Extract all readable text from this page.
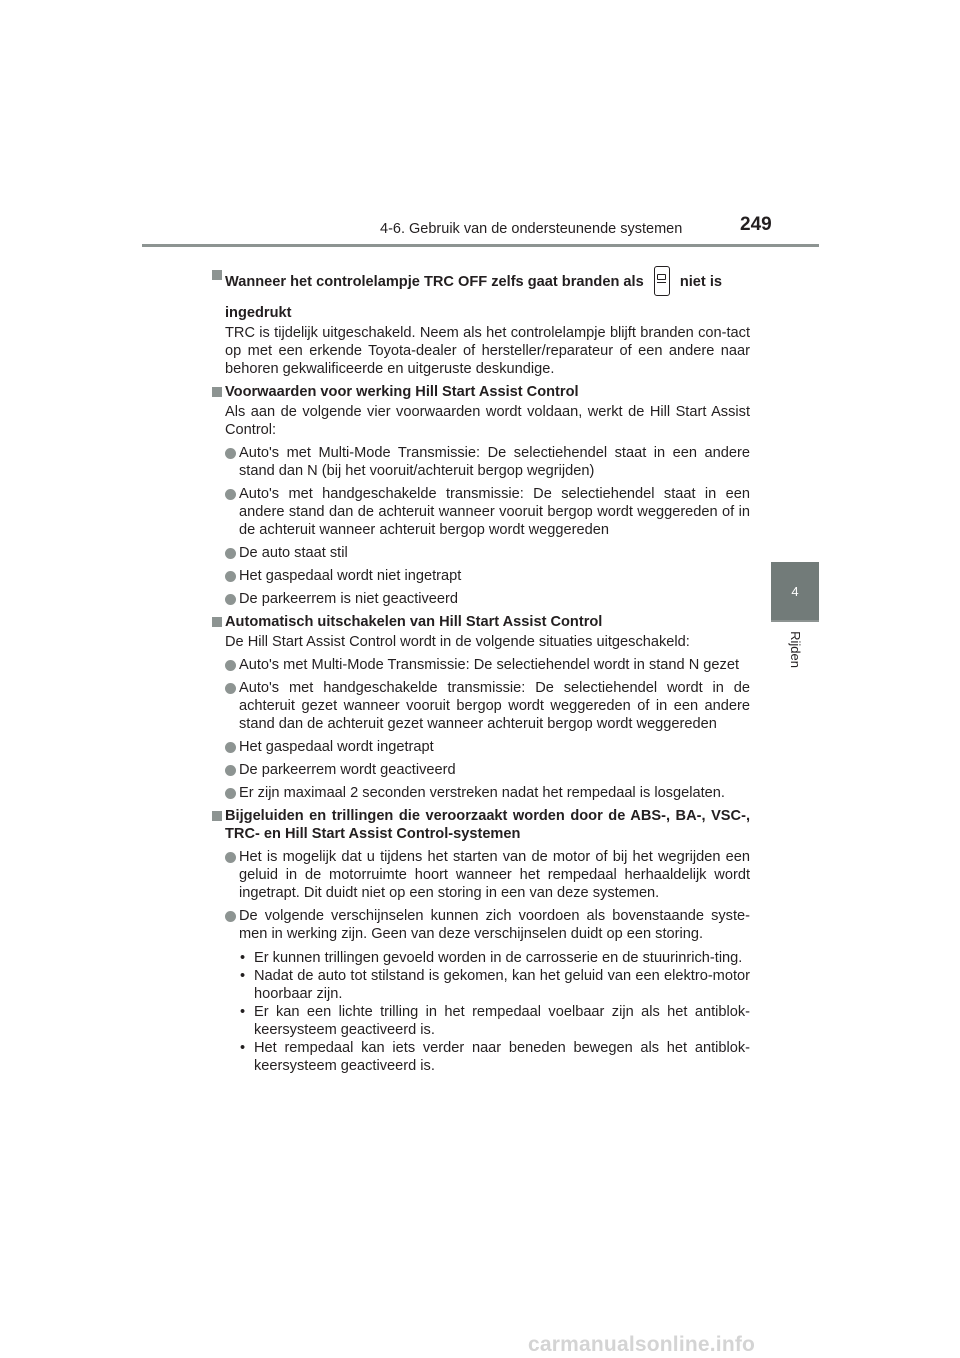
4-6. Gebruik van de ondersteunende systemen	249
4
Rijden
Wanneer het controlelampje TRC OFF zelfs gaat branden als niet is
ingedrukt
TRC is tijdelijk uitgeschakeld. Neem als het controlelampje blijft branden con-tact op met een erkende Toyota-dealer of hersteller/reparateur of een andere naar behoren gekwalificeerde en uitgeruste deskundige.
Voorwaarden voor werking Hill Start Assist Control
Als aan de volgende vier voorwaarden wordt voldaan, werkt de Hill Start Assist Control:
Auto's met Multi-Mode Transmissie: De selectiehendel staat in een andere stand dan N (bij het vooruit/achteruit bergop wegrijden)
Auto's met handgeschakelde transmissie: De selectiehendel staat in een andere stand dan de achteruit wanneer vooruit bergop wordt weggereden of in de achteruit wanneer achteruit bergop wordt weggereden
De auto staat stil
Het gaspedaal wordt niet ingetrapt
De parkeerrem is niet geactiveerd
Automatisch uitschakelen van Hill Start Assist Control
De Hill Start Assist Control wordt in de volgende situaties uitgeschakeld:
Auto's met Multi-Mode Transmissie: De selectiehendel wordt in stand N gezet
Auto's met handgeschakelde transmissie: De selectiehendel wordt in de achteruit gezet wanneer vooruit bergop wordt weggereden of in een andere stand dan de achteruit gezet wanneer achteruit bergop wordt weggereden
Het gaspedaal wordt ingetrapt
De parkeerrem wordt geactiveerd
Er zijn maximaal 2 seconden verstreken nadat het rempedaal is losgelaten.
Bijgeluiden en trillingen die veroorzaakt worden door de ABS-, BA-, VSC-, TRC- en Hill Start Assist Control-systemen
Het is mogelijk dat u tijdens het starten van de motor of bij het wegrijden een geluid in de motorruimte hoort wanneer het rempedaal herhaaldelijk wordt ingetrapt. Dit duidt niet op een storing in een van deze systemen.
De volgende verschijnselen kunnen zich voordoen als bovenstaande syste-men in werking zijn. Geen van deze verschijnselen duidt op een storing.
• Er kunnen trillingen gevoeld worden in de carrosserie en de stuurinrich-ting.
• Nadat de auto tot stilstand is gekomen, kan het geluid van een elektro-motor hoorbaar zijn.
• Er kan een lichte trilling in het rempedaal voelbaar zijn als het antiblok-keersysteem geactiveerd is.
• Het rempedaal kan iets verder naar beneden bewegen als het antiblok-keersysteem geactiveerd is.
carmanualsonline.info
